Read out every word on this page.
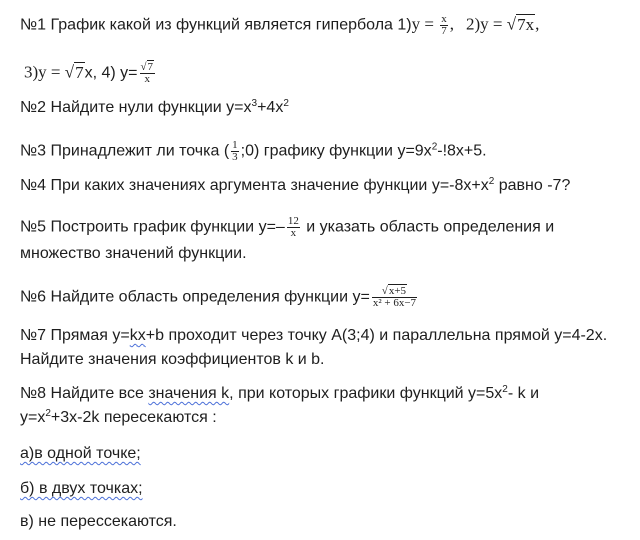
№1 График какой из функций является гипербола $1)y = \frac{x}{7}$ , 2)y = √7x,
3)y = √7x, 4) $y= \frac{√7}{x}$
№2 Найдите нули функции $y=x^3+4x^2$
№3 Принадлежит ли точка ( $\frac{1}{3}$ ;0) графику функции $y=9x^2-!8x+5$.
№4 При каких значениях аргумента значение функции $y=-8x+x^2$ равно -7?
№5 Построить график функции $y=- \frac{12}{x}$ и указать область определения и
множество значений функции.
№6 Найдите область определения функции $y= \frac{√x+5}{\text{x² + 6x−7}}$
№7 Прямая y=kx+b проходит через точку А(3;4) и параллельна прямой y=4-2x.
Найдите значения коэффициентов k и b.
№8 Найдите все значения k, при которых графики функций $y=5x^2-$ k и
$y=x^2+3x-2k$ пересекаются :
а)в одной точке;
б) в двух точках;
в) не перессекаются.
